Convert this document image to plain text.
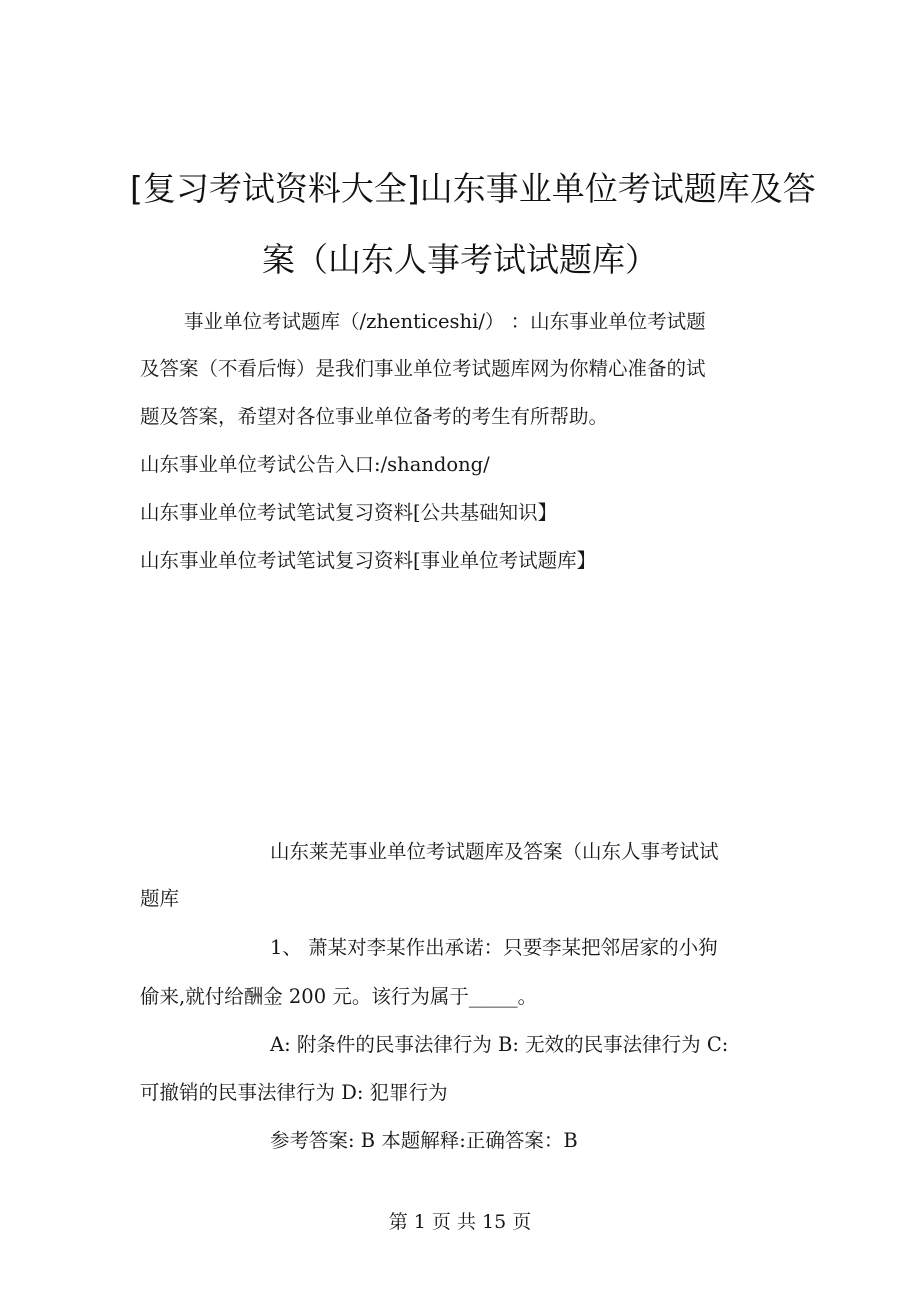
[复习考试资料大全]山东事业单位考试题库及答
案（山东人事考试试题库）
事业单位考试题库（/zhenticeshi/） ：山东事业单位考试题
及答案（不看后悔）是我们事业单位考试题库网为你精心准备的试
题及答案，希望对各位事业单位备考的考生有所帮助。
山东事业单位考试公告入口:/shandong/
山东事业单位考试笔试复习资料[公共基础知识】
山东事业单位考试笔试复习资料[事业单位考试题库】
山东莱芜事业单位考试题库及答案（山东人事考试试
题库
1、 萧某对李某作出承诺：只要李某把邻居家的小狗
偷来,就付给酬金 200 元。该行为属于_____。
A: 附条件的民事法律行为 B: 无效的民事法律行为 C:
可撤销的民事法律行为 D: 犯罪行为
参考答案: B 本题解释:正确答案：B
第 1 页 共 15 页
